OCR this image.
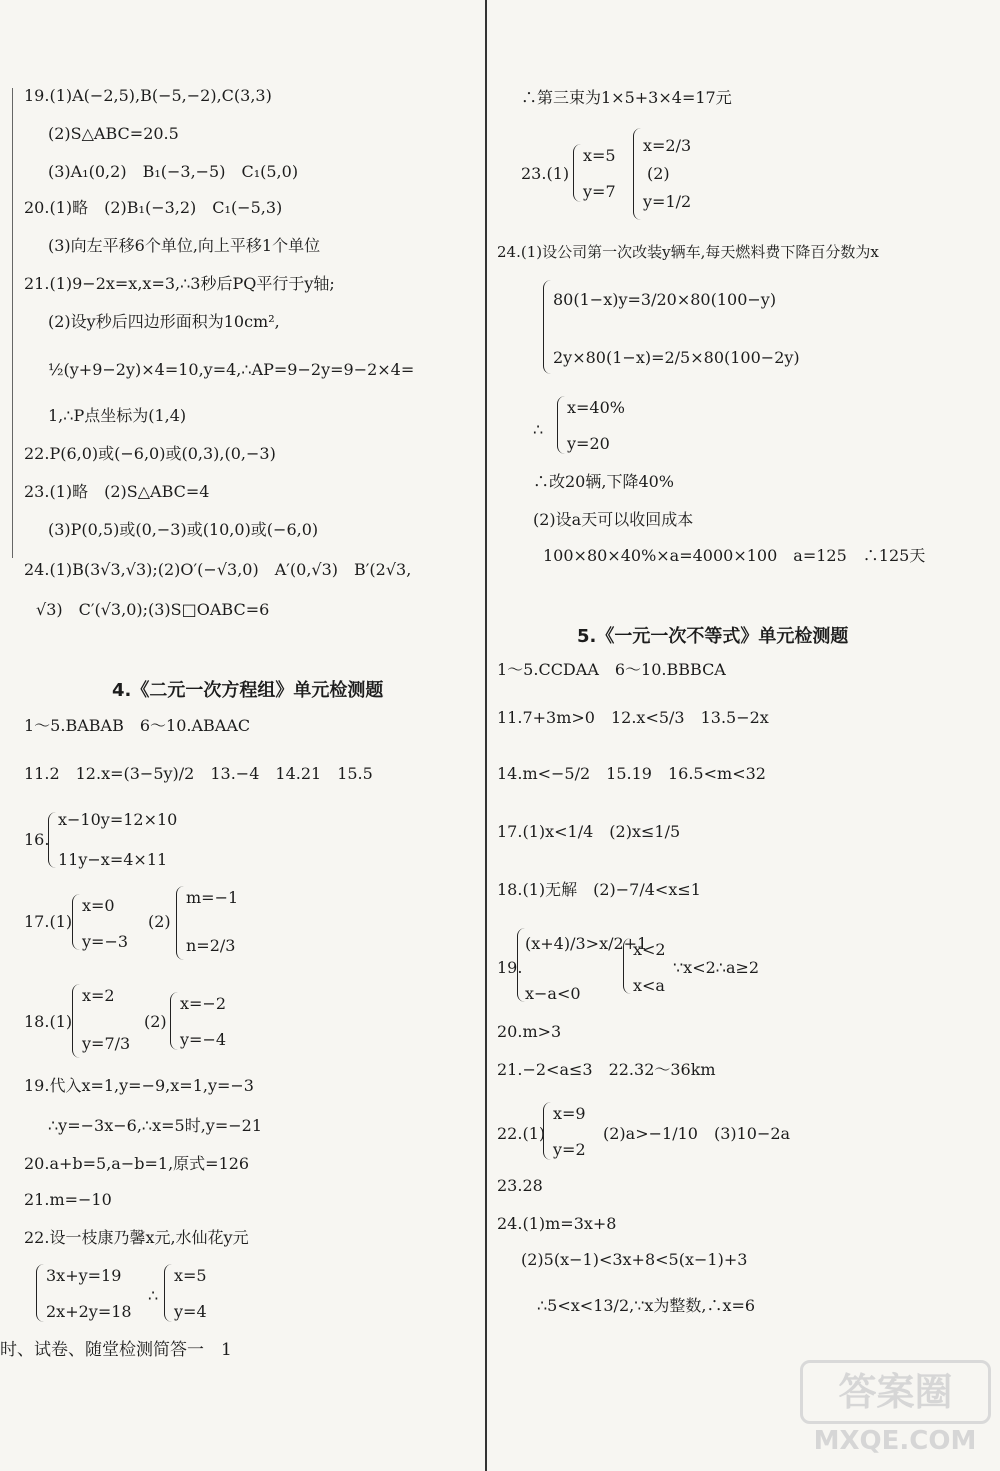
19.(1)A(−2,5),B(−5,−2),C(3,3)
(2)S△ABC=20.5
(3)A₁(0,2)　B₁(−3,−5)　C₁(5,0)
20.(1)略　(2)B₁(−3,2)　C₁(−5,3)
(3)向左平移6个单位,向上平移1个单位
21.(1)9−2x=x,x=3,∴3秒后PQ平行于y轴;
(2)设y秒后四边形面积为10cm²,
½(y+9−2y)×4=10,y=4,∴AP=9−2y=9−2×4=
1,∴P点坐标为(1,4)
22.P(6,0)或(−6,0)或(0,3),(0,−3)
23.(1)略　(2)S△ABC=4
(3)P(0,5)或(0,−3)或(10,0)或(−6,0)
24.(1)B(3√3,√3);(2)O′(−√3,0)　A′(0,√3)　B′(2√3,
√3)　C′(√3,0);(3)S□OABC=6
4.《二元一次方程组》单元检测题
1～5.BABAB　6～10.ABAAC
11.2　12.x=(3−5y)/2　13.−4　14.21　15.5
16.
x−10y=12×10
11y−x=4×11
17.(1)
x=0
y=−3
(2)
m=−1
n=2/3
18.(1)
x=2
y=7/3
(2)
x=−2
y=−4
19.代入x=1,y=−9,x=1,y=−3
∴y=−3x−6,∴x=5时,y=−21
20.a+b=5,a−b=1,原式=126
21.m=−10
22.设一枝康乃馨x元,水仙花y元
3x+y=19
2x+2y=18
∴
x=5
y=4
∴第三束为1×5+3×4=17元
23.(1)
x=5
y=7
(2)
x=2/3
y=1/2
24.(1)设公司第一次改装y辆车,每天燃料费下降百分数为x
80(1−x)y=3/20×80(100−y)
2y×80(1−x)=2/5×80(100−2y)
∴
x=40%
y=20
∴改20辆,下降40%
(2)设a天可以收回成本
100×80×40%×a=4000×100　a=125　∴125天
5.《一元一次不等式》单元检测题
1～5.CCDAA　6～10.BBBCA
11.7+3m>0　12.x<5/3　13.5−2x
14.m<−5/2　15.19　16.5<m<32
17.(1)x<1/4　(2)x≤1/5
18.(1)无解　(2)−7/4<x≤1
19.
(x+4)/3>x/2+1
x−a<0
x<2
x<a
∵x<2∴a≥2
20.m>3
21.−2<a≤3　22.32～36km
22.(1)
x=9
y=2
(2)a>−1/10　(3)10−2a
23.28
24.(1)m=3x+8
(2)5(x−1)<3x+8<5(x−1)+3
∴5<x<13/2,∵x为整数,∴x=6
时、试卷、随堂检测简答一　1
答案圈
MXQE.COM
